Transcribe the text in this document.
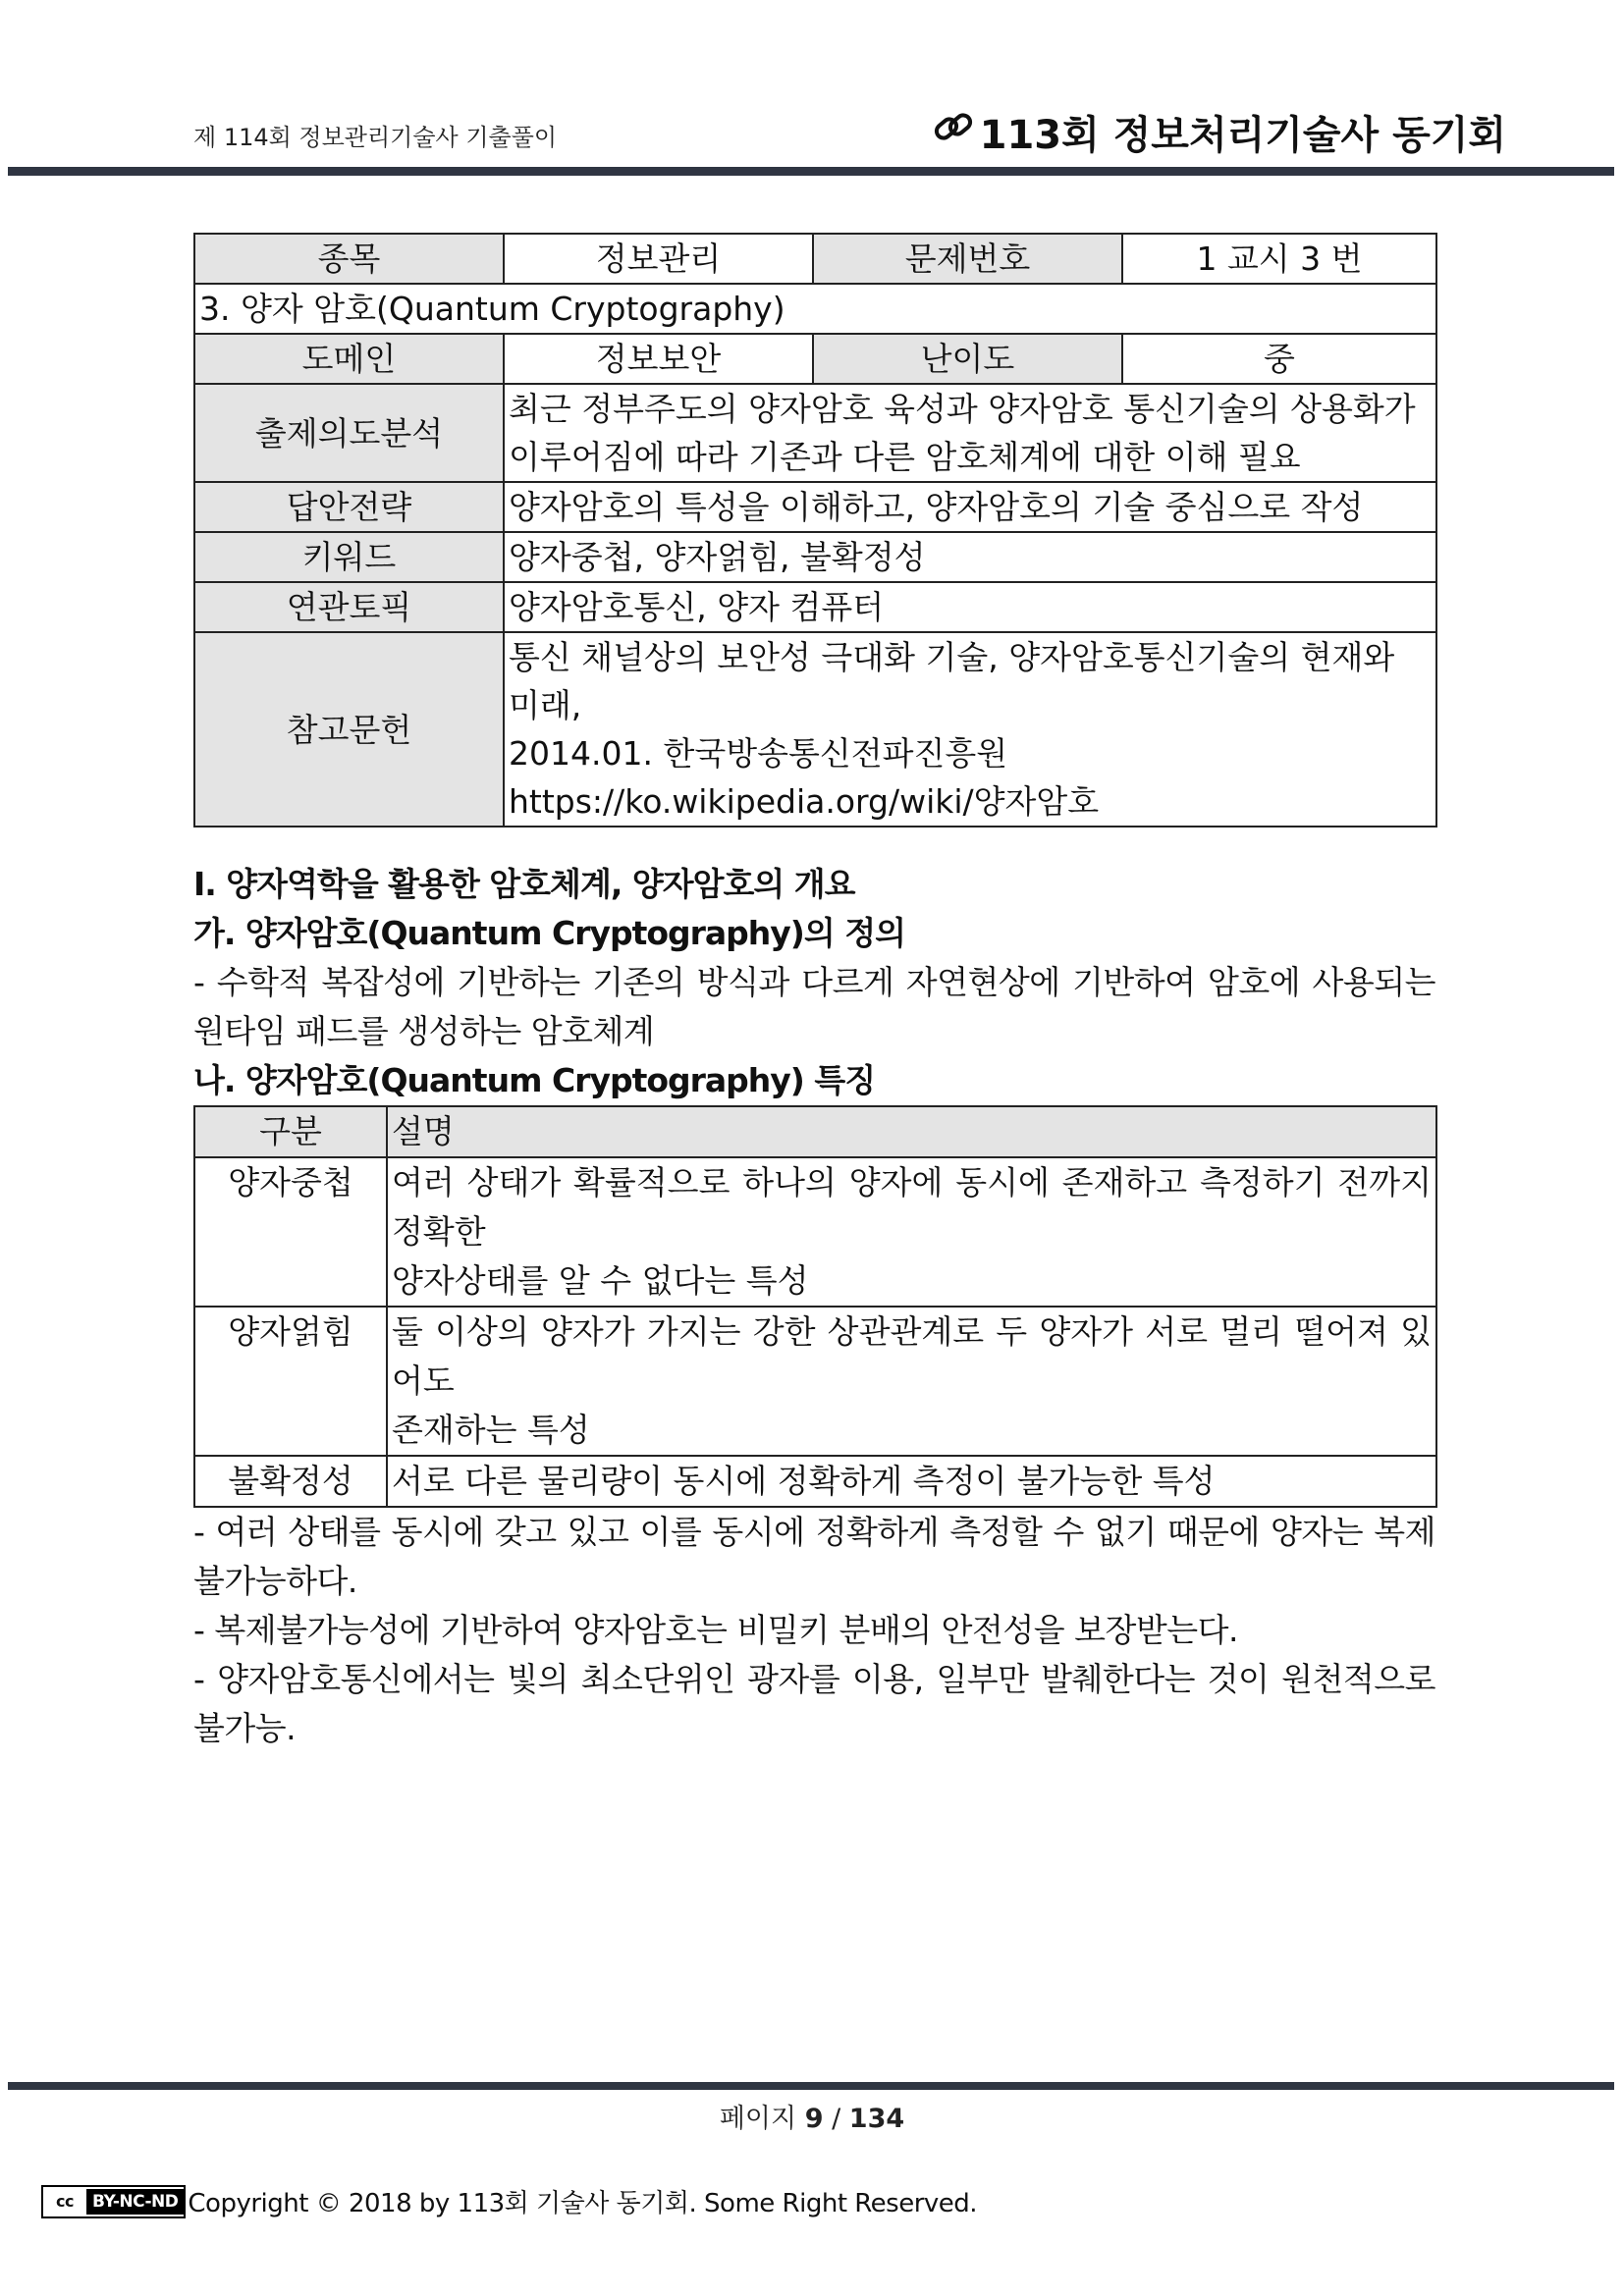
제 114회 정보관리기술사 기출풀이	113회 정보처리기술사 동기회
종목	정보관리	문제번호	1 교시 3 번
3. 양자 암호(Quantum Cryptography)			
도메인	정보보안	난이도	중
출제의도분석	최근 정부주도의 양자암호 육성과 양자암호 통신기술의 상용화가
이루어짐에 따라 기존과 다른 암호체계에 대한 이해 필요		

답안전략	양자암호의 특성을 이해하고, 양자암호의 기술 중심으로 작성		
키워드	양자중첩, 양자얽힘, 불확정성		
연관토픽	양자암호통신, 양자 컴퓨터		
참고문헌	통신 채널상의 보안성 극대화 기술, 양자암호통신기술의 현재와 미래,
2014.01. 한국방송통신전파진흥원
https://ko.wikipedia.org/wiki/양자암호		
I. 양자역학을 활용한 암호체계, 양자암호의 개요
가. 양자암호(Quantum Cryptography)의 정의
- 수학적 복잡성에 기반하는 기존의 방식과 다르게 자연현상에 기반하여 암호에 사용되는
원타임 패드를 생성하는 암호체계
나. 양자암호(Quantum Cryptography) 특징
구분	설명
양자중첩	여러 상태가 확률적으로 하나의 양자에 동시에 존재하고 측정하기 전까지 정확한
양자상태를 알 수 없다는 특성

양자얽힘	둘 이상의 양자가 가지는 강한 상관관계로 두 양자가 서로 멀리 떨어져 있어도
존재하는 특성

불확정성	서로 다른 물리량이 동시에 정확하게 측정이 불가능한 특성
- 여러 상태를 동시에 갖고 있고 이를 동시에 정확하게 측정할 수 없기 때문에 양자는 복제
불가능하다.
- 복제불가능성에 기반하여 양자암호는 비밀키 분배의 안전성을 보장받는다.
- 양자암호통신에서는 빛의 최소단위인 광자를 이용, 일부만 발췌한다는 것이 원천적으로
불가능.
페이지 9 / 134
cc	BY-NC-ND Copyright © 2018 by 113회 기술사 동기회. Some Right Reserved.
